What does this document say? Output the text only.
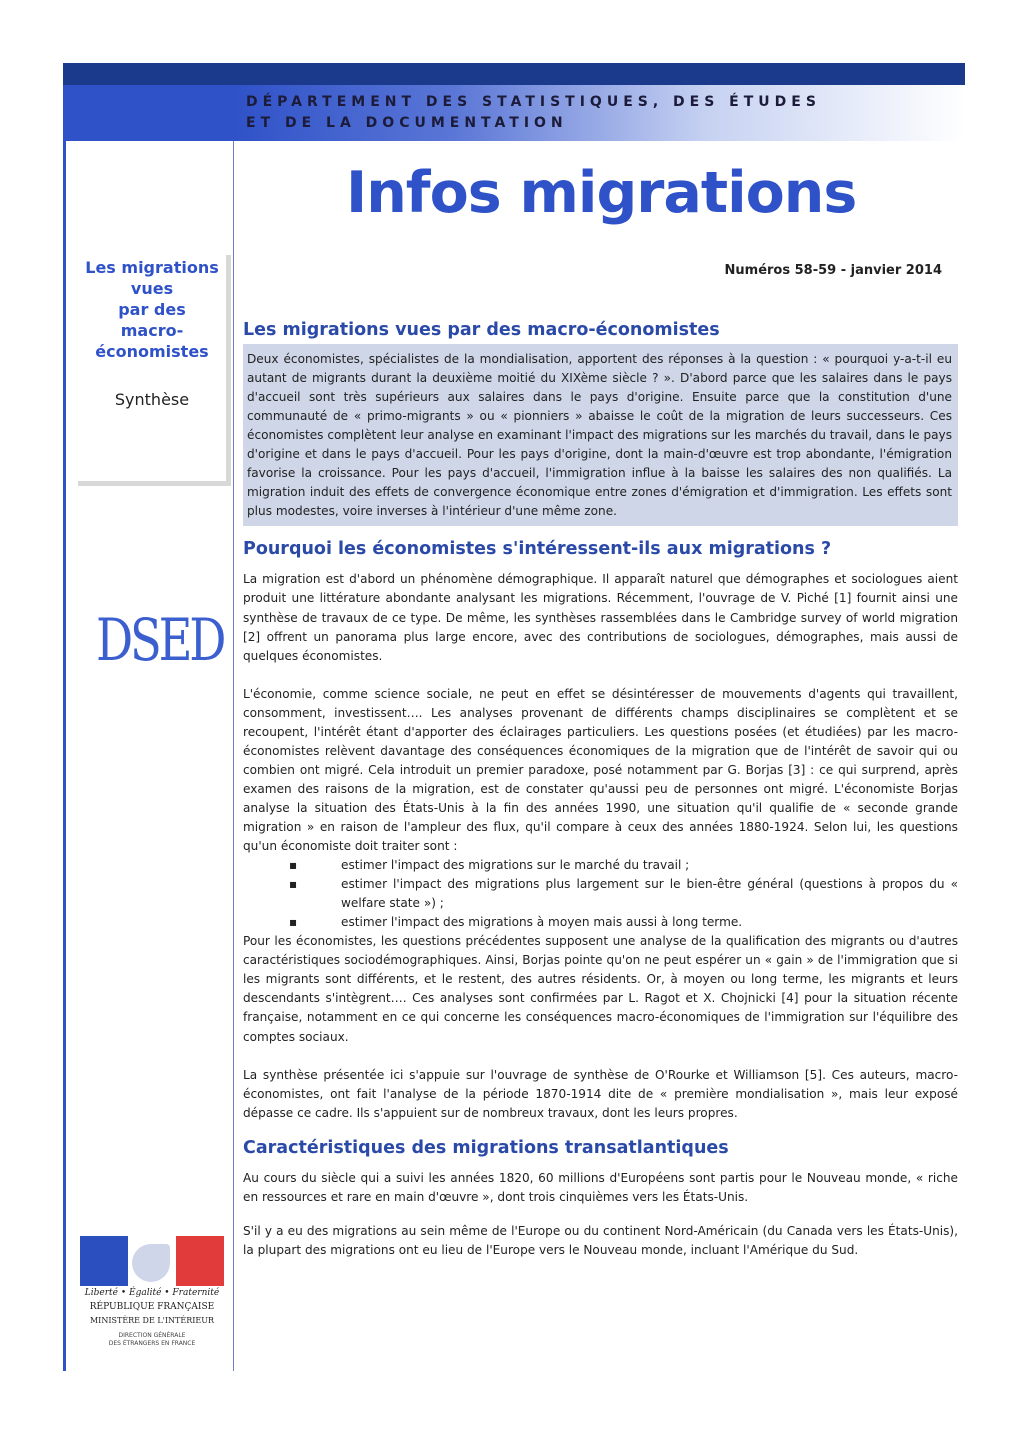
DÉPARTEMENT DES STATISTIQUES, DES ÉTUDES
ET DE LA DOCUMENTATION

Infos migrations

Numéros 58-59 - janvier 2014

Les migrations
vues
par des
macro-
économistes

Synthèse

DSED

Liberté • Égalité • Fraternité

RÉPUBLIQUE FRANÇAISE

MINISTÈRE DE L'INTÉRIEUR

DIRECTION GÉNÉRALE
DES ÉTRANGERS EN FRANCE

Les migrations vues par des macro-économistes

Deux économistes, spécialistes de la mondialisation, apportent des réponses à la question : « pourquoi y-a-t-il eu autant de migrants durant la deuxième moitié du XIXème siècle ? ». D'abord parce que les salaires dans le pays d'accueil sont très supérieurs aux salaires dans le pays d'origine. Ensuite parce que la constitution d'une communauté de « primo-migrants » ou « pionniers » abaisse le coût de la migration de leurs successeurs. Ces économistes complètent leur analyse en examinant l'impact des migrations sur les marchés du travail, dans le pays d'origine et dans le pays d'accueil. Pour les pays d'origine, dont la main-d'œuvre est trop abondante, l'émigration favorise la croissance. Pour les pays d'accueil, l'immigration influe à la baisse les salaires des non qualifiés. La migration induit des effets de convergence économique entre zones d'émigration et d'immigration. Les effets sont plus modestes, voire inverses à l'intérieur d'une même zone.

Pourquoi les économistes s'intéressent-ils aux migrations ?

La migration est d'abord un phénomène démographique. Il apparaît naturel que démographes et sociologues aient produit une littérature abondante analysant les migrations. Récemment, l'ouvrage de V. Piché [1] fournit ainsi une synthèse de travaux de ce type. De même, les synthèses rassemblées dans le Cambridge survey of world migration [2] offrent un panorama plus large encore, avec des contributions de sociologues, démographes, mais aussi de quelques économistes.

L'économie, comme science sociale, ne peut en effet se désintéresser de mouvements d'agents qui travaillent, consomment, investissent…. Les analyses provenant de différents champs disciplinaires se complètent et se recoupent, l'intérêt étant d'apporter des éclairages particuliers. Les questions posées (et étudiées) par les macro-économistes relèvent davantage des conséquences économiques de la migration que de l'intérêt de savoir qui ou combien ont migré. Cela introduit un premier paradoxe, posé notamment par G. Borjas [3] : ce qui surprend, après examen des raisons de la migration, est de constater qu'aussi peu de personnes ont migré. L'économiste Borjas analyse la situation des États-Unis à la fin des années 1990, une situation qu'il qualifie de « seconde grande migration » en raison de l'ampleur des flux, qu'il compare à ceux des années 1880-1924. Selon lui, les questions qu'un économiste doit traiter sont :

▪	estimer l'impact des migrations sur le marché du travail ;
▪	estimer l'impact des migrations plus largement sur le bien-être général (questions à propos du « welfare state ») ;
▪	estimer l'impact des migrations à moyen mais aussi à long terme.

Pour les économistes, les questions précédentes supposent une analyse de la qualification des migrants ou d'autres caractéristiques sociodémographiques. Ainsi, Borjas pointe qu'on ne peut espérer un « gain » de l'immigration que si les migrants sont différents, et le restent, des autres résidents. Or, à moyen ou long terme, les migrants et leurs descendants s'intègrent…. Ces analyses sont confirmées par L. Ragot et X. Chojnicki [4] pour la situation récente française, notamment en ce qui concerne les conséquences macro-économiques de l'immigration sur l'équilibre des comptes sociaux.

La synthèse présentée ici s'appuie sur l'ouvrage de synthèse de O'Rourke et Williamson [5]. Ces auteurs, macro-économistes, ont fait l'analyse de la période 1870-1914 dite de « première mondialisation », mais leur exposé dépasse ce cadre. Ils s'appuient sur de nombreux travaux, dont les leurs propres.

Caractéristiques des migrations transatlantiques

Au cours du siècle qui a suivi les années 1820, 60 millions d'Européens sont partis pour le Nouveau monde, « riche en ressources et rare en main d'œuvre », dont trois cinquièmes vers les États-Unis.

S'il y a eu des migrations au sein même de l'Europe ou du continent Nord-Américain (du Canada vers les États-Unis), la plupart des migrations ont eu lieu de l'Europe vers le Nouveau monde, incluant l'Amérique du Sud.
